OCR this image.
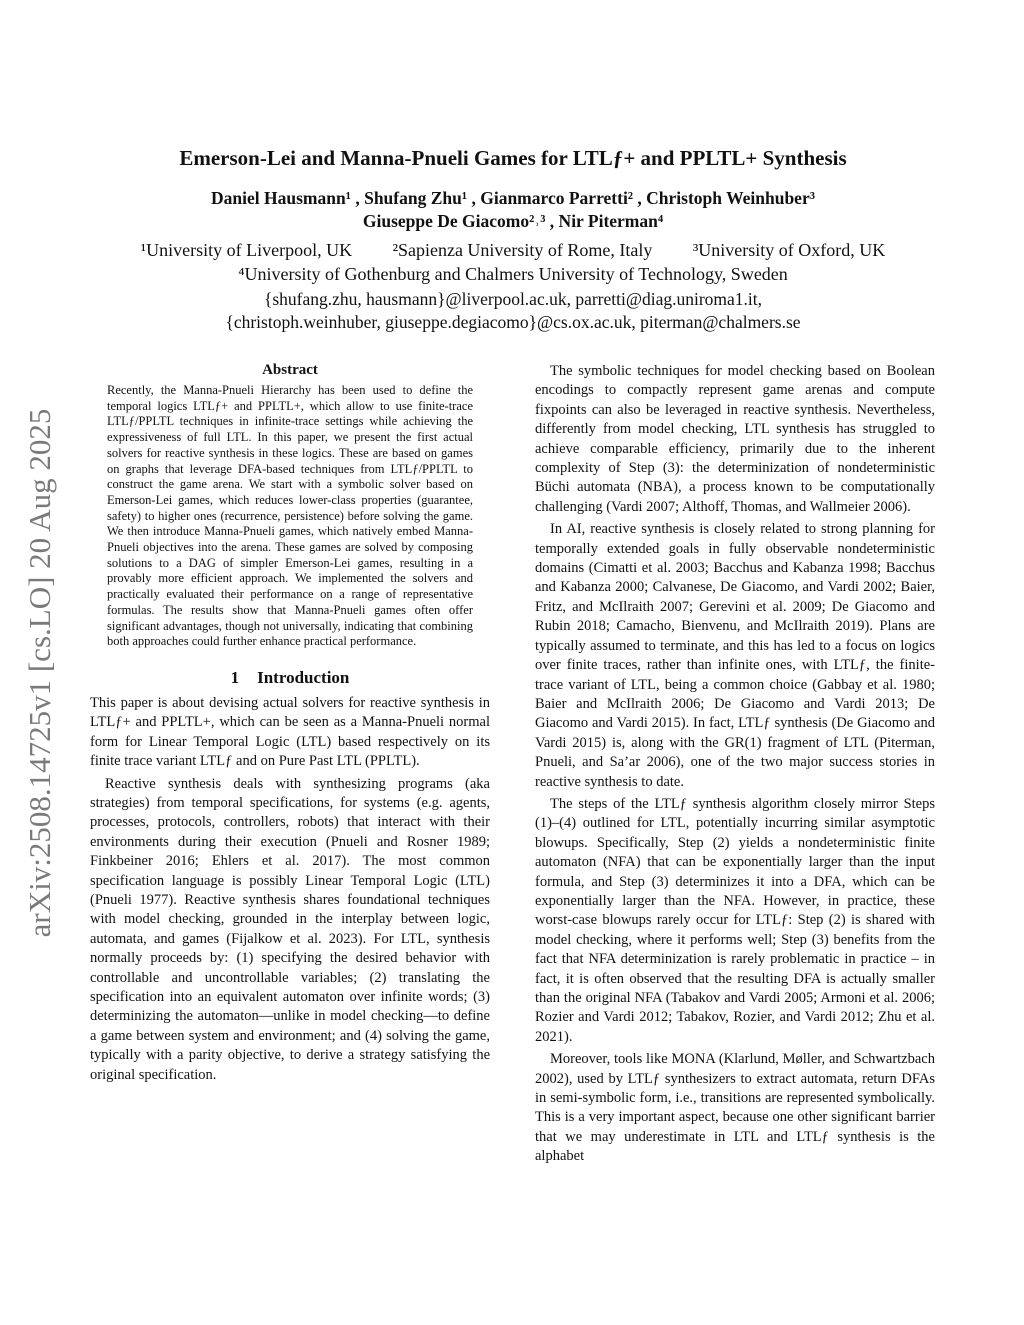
arXiv:2508.14725v1 [cs.LO] 20 Aug 2025
Emerson-Lei and Manna-Pnueli Games for LTLƒ+ and PPLTL+ Synthesis
Daniel Hausmann¹ , Shufang Zhu¹ , Gianmarco Parretti² , Christoph Weinhuber³
Giuseppe De Giacomo²˒³ , Nir Piterman⁴
¹University of Liverpool, UK ²Sapienza University of Rome, Italy ³University of Oxford, UK
⁴University of Gothenburg and Chalmers University of Technology, Sweden
{shufang.zhu, hausmann}@liverpool.ac.uk, parretti@diag.uniroma1.it,
{christoph.weinhuber, giuseppe.degiacomo}@cs.ox.ac.uk, piterman@chalmers.se
Abstract

Recently, the Manna-Pnueli Hierarchy has been used to define the temporal logics LTLƒ+ and PPLTL+, which allow to use finite-trace LTLƒ/PPLTL techniques in infinite-trace settings while achieving the expressiveness of full LTL. In this paper, we present the first actual solvers for reactive synthesis in these logics. These are based on games on graphs that leverage DFA-based techniques from LTLƒ/PPLTL to construct the game arena. We start with a symbolic solver based on Emerson-Lei games, which reduces lower-class properties (guarantee, safety) to higher ones (recurrence, persistence) before solving the game. We then introduce Manna-Pnueli games, which natively embed Manna-Pnueli objectives into the arena. These games are solved by composing solutions to a DAG of simpler Emerson-Lei games, resulting in a provably more efficient approach. We implemented the solvers and practically evaluated their performance on a range of representative formulas. The results show that Manna-Pnueli games often offer significant advantages, though not universally, indicating that combining both approaches could further enhance practical performance.

1 Introduction

This paper is about devising actual solvers for reactive synthesis in LTLƒ+ and PPLTL+, which can be seen as a Manna-Pnueli normal form for Linear Temporal Logic (LTL) based respectively on its finite trace variant LTLƒ and on Pure Past LTL (PPLTL).

Reactive synthesis deals with synthesizing programs (aka strategies) from temporal specifications, for systems (e.g. agents, processes, protocols, controllers, robots) that interact with their environments during their execution (Pnueli and Rosner 1989; Finkbeiner 2016; Ehlers et al. 2017). The most common specification language is possibly Linear Temporal Logic (LTL) (Pnueli 1977). Reactive synthesis shares foundational techniques with model checking, grounded in the interplay between logic, automata, and games (Fijalkow et al. 2023). For LTL, synthesis normally proceeds by: (1) specifying the desired behavior with controllable and uncontrollable variables; (2) translating the specification into an equivalent automaton over infinite words; (3) determinizing the automaton—unlike in model checking—to define a game between system and environment; and (4) solving the game, typically with a parity objective, to derive a strategy satisfying the original specification.

The symbolic techniques for model checking based on Boolean encodings to compactly represent game arenas and compute fixpoints can also be leveraged in reactive synthesis. Nevertheless, differently from model checking, LTL synthesis has struggled to achieve comparable efficiency, primarily due to the inherent complexity of Step (3): the determinization of nondeterministic Büchi automata (NBA), a process known to be computationally challenging (Vardi 2007; Althoff, Thomas, and Wallmeier 2006).

In AI, reactive synthesis is closely related to strong planning for temporally extended goals in fully observable nondeterministic domains (Cimatti et al. 2003; Bacchus and Kabanza 1998; Bacchus and Kabanza 2000; Calvanese, De Giacomo, and Vardi 2002; Baier, Fritz, and McIlraith 2007; Gerevini et al. 2009; De Giacomo and Rubin 2018; Camacho, Bienvenu, and McIlraith 2019). Plans are typically assumed to terminate, and this has led to a focus on logics over finite traces, rather than infinite ones, with LTLƒ, the finite-trace variant of LTL, being a common choice (Gabbay et al. 1980; Baier and McIlraith 2006; De Giacomo and Vardi 2013; De Giacomo and Vardi 2015). In fact, LTLƒ synthesis (De Giacomo and Vardi 2015) is, along with the GR(1) fragment of LTL (Piterman, Pnueli, and Sa’ar 2006), one of the two major success stories in reactive synthesis to date.

The steps of the LTLƒ synthesis algorithm closely mirror Steps (1)–(4) outlined for LTL, potentially incurring similar asymptotic blowups. Specifically, Step (2) yields a nondeterministic finite automaton (NFA) that can be exponentially larger than the input formula, and Step (3) determinizes it into a DFA, which can be exponentially larger than the NFA. However, in practice, these worst-case blowups rarely occur for LTLƒ: Step (2) is shared with model checking, where it performs well; Step (3) benefits from the fact that NFA determinization is rarely problematic in practice – in fact, it is often observed that the resulting DFA is actually smaller than the original NFA (Tabakov and Vardi 2005; Armoni et al. 2006; Rozier and Vardi 2012; Tabakov, Rozier, and Vardi 2012; Zhu et al. 2021).

Moreover, tools like MONA (Klarlund, Møller, and Schwartzbach 2002), used by LTLƒ synthesizers to extract automata, return DFAs in semi-symbolic form, i.e., transitions are represented symbolically. This is a very important aspect, because one other significant barrier that we may underestimate in LTL and LTLƒ synthesis is the alphabet
